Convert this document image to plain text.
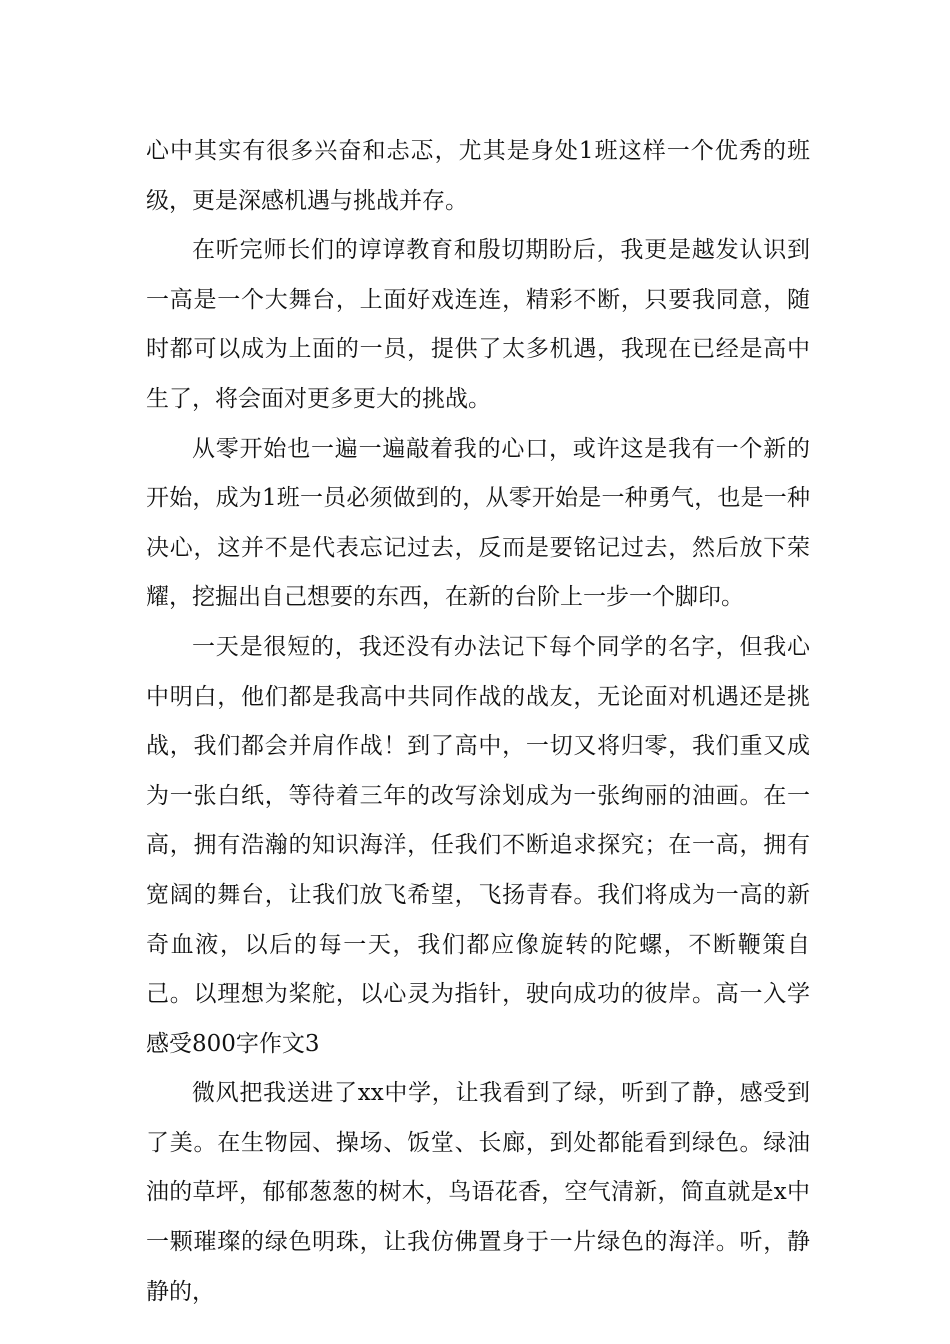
心中其实有很多兴奋和忐忑，尤其是身处1班这样一个优秀的班级，更是深感机遇与挑战并存。

在听完师长们的谆谆教育和殷切期盼后，我更是越发认识到一高是一个大舞台，上面好戏连连，精彩不断，只要我同意，随时都可以成为上面的一员，提供了太多机遇，我现在已经是高中生了，将会面对更多更大的挑战。

从零开始也一遍一遍敲着我的心口，或许这是我有一个新的开始，成为1班一员必须做到的，从零开始是一种勇气，也是一种决心，这并不是代表忘记过去，反而是要铭记过去，然后放下荣耀，挖掘出自己想要的东西，在新的台阶上一步一个脚印。

一天是很短的，我还没有办法记下每个同学的名字，但我心中明白，他们都是我高中共同作战的战友，无论面对机遇还是挑战，我们都会并肩作战！到了高中，一切又将归零，我们重又成为一张白纸，等待着三年的改写涂划成为一张绚丽的油画。在一高，拥有浩瀚的知识海洋，任我们不断追求探究；在一高，拥有宽阔的舞台，让我们放飞希望，飞扬青春。我们将成为一高的新奇血液，以后的每一天，我们都应像旋转的陀螺，不断鞭策自己。以理想为桨舵，以心灵为指针，驶向成功的彼岸。高一入学感受800字作文3

微风把我送进了xx中学，让我看到了绿，听到了静，感受到了美。在生物园、操场、饭堂、长廊，到处都能看到绿色。绿油油的草坪，郁郁葱葱的树木，鸟语花香，空气清新，简直就是x中一颗璀璨的绿色明珠，让我仿佛置身于一片绿色的海洋。听，静静的，
